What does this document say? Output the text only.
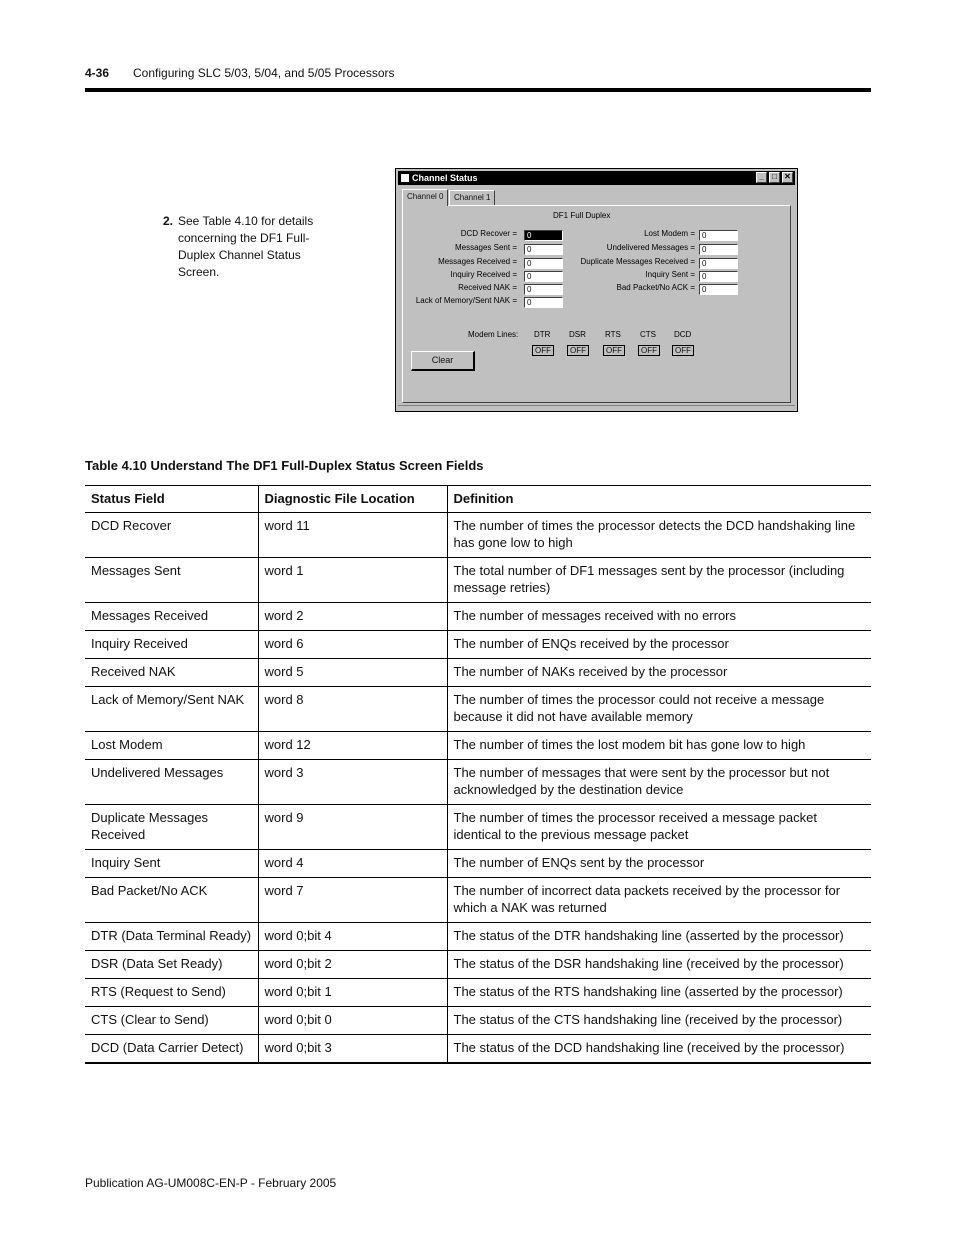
4-36 Configuring SLC 5/03, 5/04, and 5/05 Processors
2. See Table 4.10 for details concerning the DF1 Full-Duplex Channel Status Screen.
Channel Status	_	□ ✕
Channel 0	Channel 1
DF1 Full Duplex
DCD Recover =	0
Messages Sent =	0
Messages Received =	0
Inquiry Received =	0
Received NAK =	0
Lack of Memory/Sent NAK =	0
Lost Modem = 0
Undelivered Messages = 0
Duplicate Messages Received = 0
Inquiry Sent = 0
Bad Packet/No ACK = 0
Modem Lines: DTR
OFF
DSR
OFF
RTS
OFF
CTS
OFF
DCD
OFF
Clear
Table 4.10 Understand The DF1 Full-Duplex Status Screen Fields
Status Field	Diagnostic File Location	Definition
DCD Recover	word 11	The number of times the processor detects the DCD handshaking line has gone low to high
Messages Sent	word 1	The total number of DF1 messages sent by the processor (including message retries)
Messages Received	word 2	The number of messages received with no errors
Inquiry Received	word 6	The number of ENQs received by the processor
Received NAK	word 5	The number of NAKs received by the processor
Lack of Memory/Sent NAK	word 8	The number of times the processor could not receive a message because it did not have available memory
Lost Modem	word 12	The number of times the lost modem bit has gone low to high
Undelivered Messages	word 3	The number of messages that were sent by the processor but not acknowledged by the destination device
Duplicate Messages Received	word 9	The number of times the processor received a message packet identical to the previous message packet
Inquiry Sent	word 4	The number of ENQs sent by the processor
Bad Packet/No ACK	word 7	The number of incorrect data packets received by the processor for which a NAK was returned
DTR (Data Terminal Ready)	word 0;bit 4	The status of the DTR handshaking line (asserted by the processor)
DSR (Data Set Ready)	word 0;bit 2	The status of the DSR handshaking line (received by the processor)
RTS (Request to Send)	word 0;bit 1	The status of the RTS handshaking line (asserted by the processor)
CTS (Clear to Send)	word 0;bit 0	The status of the CTS handshaking line (received by the processor)
DCD (Data Carrier Detect)	word 0;bit 3	The status of the DCD handshaking line (received by the processor)
Publication AG-UM008C-EN-P - February 2005
